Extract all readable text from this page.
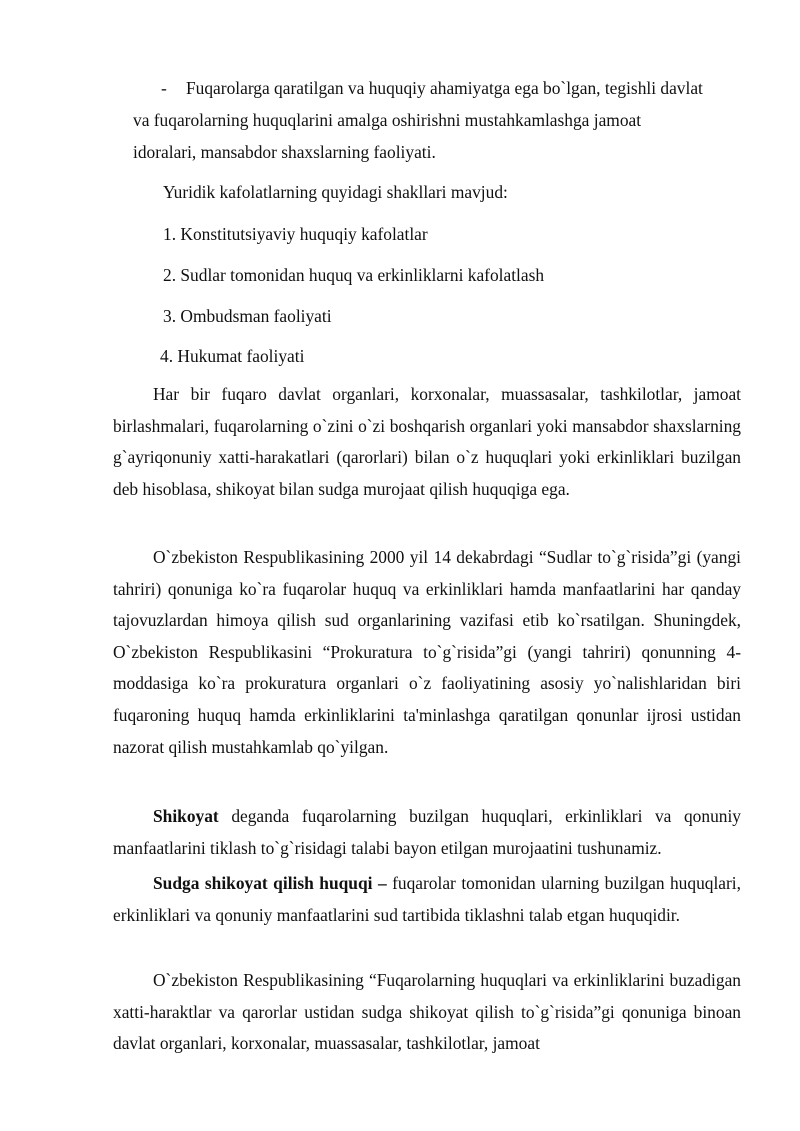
- Fuqarolarga qaratilgan va huquqiy ahamiyatga ega bo`lgan, tegishli davlat
va fuqarolarning huquqlarini amalga oshirishni mustahkamlashga jamoat
idoralari, mansabdor shaxslarning faoliyati.
Yuridik kafolatlarning quyidagi shakllari mavjud:
1. Konstitutsiyaviy huquqiy kafolatlar
2. Sudlar tomonidan huquq va erkinliklarni kafolatlash
3. Ombudsman faoliyati
4. Hukumat faoliyati

Har bir fuqaro davlat organlari, korxonalar, muassasalar, tashkilotlar, jamoat birlashmalari, fuqarolarning o`zini o`zi boshqarish organlari yoki mansabdor shaxslarning g`ayriqonuniy xatti-harakatlari (qarorlari) bilan o`z huquqlari yoki erkinliklari buzilgan deb hisoblasa, shikoyat bilan sudga murojaat qilish huquqiga ega.

O`zbekiston Respublikasining 2000 yil 14 dekabrdagi “Sudlar to`g`risida”gi (yangi tahriri) qonuniga ko`ra fuqarolar huquq va erkinliklari hamda manfaatlarini har qanday tajovuzlardan himoya qilish sud organlarining vazifasi etib ko`rsatilgan. Shuningdek, O`zbekiston Respublikasini “Prokuratura to`g`risida”gi (yangi tahriri) qonunning 4-moddasiga ko`ra prokuratura organlari o`z faoliyatining asosiy yo`nalishlaridan biri fuqaroning huquq hamda erkinliklarini ta'minlashga qaratilgan qonunlar ijrosi ustidan nazorat qilish mustahkamlab qo`yilgan.

Shikoyat deganda fuqarolarning buzilgan huquqlari, erkinliklari va qonuniy manfaatlarini tiklash to`g`risidagi talabi bayon etilgan murojaatini tushunamiz.

Sudga shikoyat qilish huquqi – fuqarolar tomonidan ularning buzilgan huquqlari, erkinliklari va qonuniy manfaatlarini sud tartibida tiklashni talab etgan huquqidir.

O`zbekiston Respublikasining “Fuqarolarning huquqlari va erkinliklarini buzadigan xatti-haraktlar va qarorlar ustidan sudga shikoyat qilish to`g`risida”gi qonuniga binoan davlat organlari, korxonalar, muassasalar, tashkilotlar, jamoat
